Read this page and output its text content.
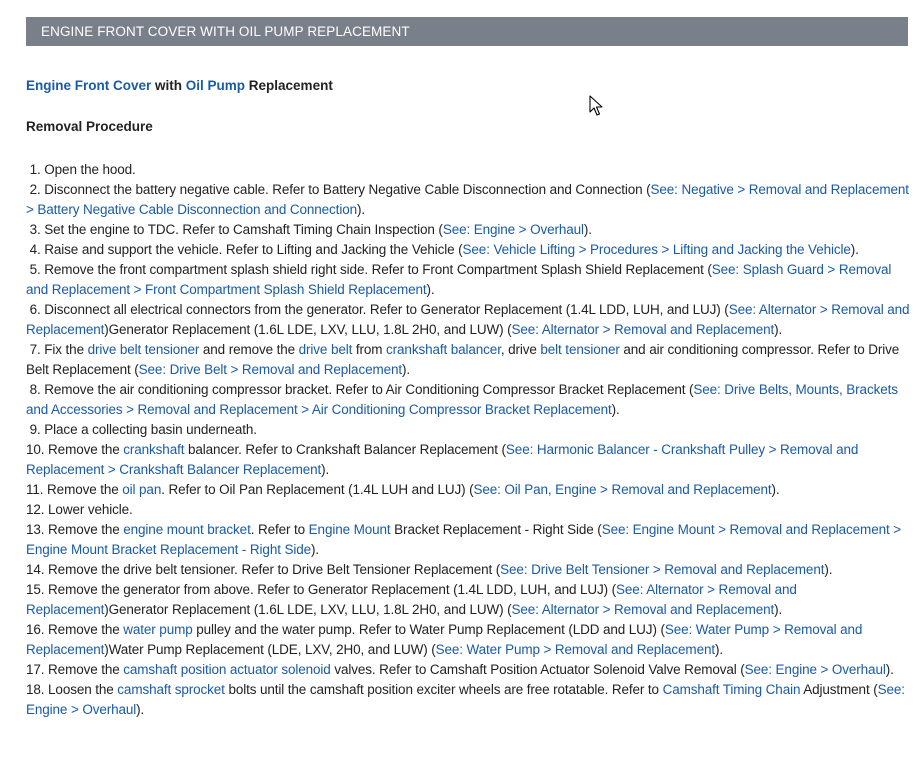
ENGINE FRONT COVER WITH OIL PUMP REPLACEMENT
Engine Front Cover with Oil Pump Replacement
Removal Procedure
1. Open the hood.
2. Disconnect the battery negative cable. Refer to Battery Negative Cable Disconnection and Connection (See: Negative > Removal and Replacement > Battery Negative Cable Disconnection and Connection).
3. Set the engine to TDC. Refer to Camshaft Timing Chain Inspection (See: Engine > Overhaul).
4. Raise and support the vehicle. Refer to Lifting and Jacking the Vehicle (See: Vehicle Lifting > Procedures > Lifting and Jacking the Vehicle).
5. Remove the front compartment splash shield right side. Refer to Front Compartment Splash Shield Replacement (See: Splash Guard > Removal and Replacement > Front Compartment Splash Shield Replacement).
6. Disconnect all electrical connectors from the generator. Refer to Generator Replacement (1.4L LDD, LUH, and LUJ) (See: Alternator > Removal and Replacement)Generator Replacement (1.6L LDE, LXV, LLU, 1.8L 2H0, and LUW) (See: Alternator > Removal and Replacement).
7. Fix the drive belt tensioner and remove the drive belt from crankshaft balancer, drive belt tensioner and air conditioning compressor. Refer to Drive Belt Replacement (See: Drive Belt > Removal and Replacement).
8. Remove the air conditioning compressor bracket. Refer to Air Conditioning Compressor Bracket Replacement (See: Drive Belts, Mounts, Brackets and Accessories > Removal and Replacement > Air Conditioning Compressor Bracket Replacement).
9. Place a collecting basin underneath.
10. Remove the crankshaft balancer. Refer to Crankshaft Balancer Replacement (See: Harmonic Balancer - Crankshaft Pulley > Removal and Replacement > Crankshaft Balancer Replacement).
11. Remove the oil pan. Refer to Oil Pan Replacement (1.4L LUH and LUJ) (See: Oil Pan, Engine > Removal and Replacement).
12. Lower vehicle.
13. Remove the engine mount bracket. Refer to Engine Mount Bracket Replacement - Right Side (See: Engine Mount > Removal and Replacement > Engine Mount Bracket Replacement - Right Side).
14. Remove the drive belt tensioner. Refer to Drive Belt Tensioner Replacement (See: Drive Belt Tensioner > Removal and Replacement).
15. Remove the generator from above. Refer to Generator Replacement (1.4L LDD, LUH, and LUJ) (See: Alternator > Removal and Replacement)Generator Replacement (1.6L LDE, LXV, LLU, 1.8L 2H0, and LUW) (See: Alternator > Removal and Replacement).
16. Remove the water pump pulley and the water pump. Refer to Water Pump Replacement (LDD and LUJ) (See: Water Pump > Removal and Replacement)Water Pump Replacement (LDE, LXV, 2H0, and LUW) (See: Water Pump > Removal and Replacement).
17. Remove the camshaft position actuator solenoid valves. Refer to Camshaft Position Actuator Solenoid Valve Removal (See: Engine > Overhaul).
18. Loosen the camshaft sprocket bolts until the camshaft position exciter wheels are free rotatable. Refer to Camshaft Timing Chain Adjustment (See: Engine > Overhaul).
